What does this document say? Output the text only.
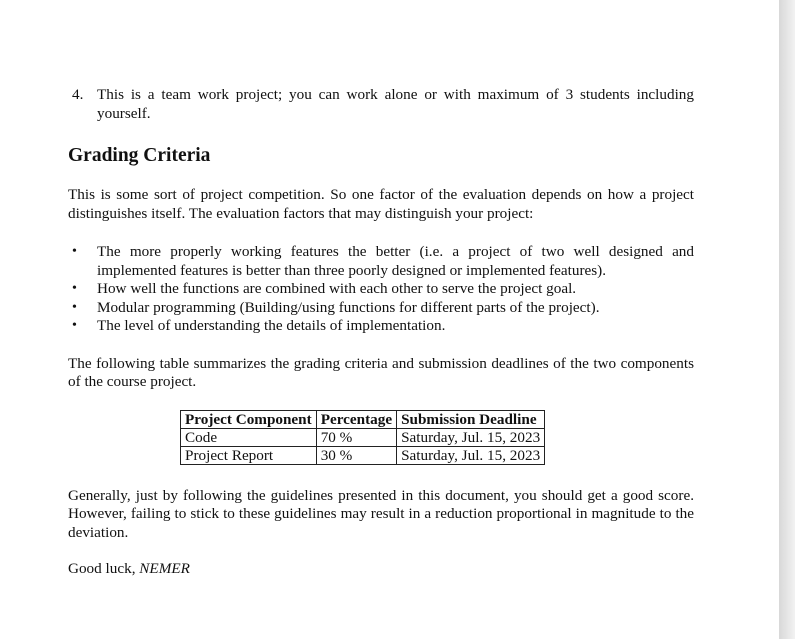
4. This is a team work project; you can work alone or with maximum of 3 students including yourself.
Grading Criteria

This is some sort of project competition. So one factor of the evaluation depends on how a project distinguishes itself. The evaluation factors that may distinguish your project:

•	The more properly working features the better (i.e. a project of two well designed and implemented features is better than three poorly designed or implemented features).
•	How well the functions are combined with each other to serve the project goal.
•	Modular programming (Building/using functions for different parts of the project).
•	The level of understanding the details of implementation.

The following table summarizes the grading criteria and submission deadlines of the two components of the course project.

Project Component	Percentage	Submission Deadline
Code	70 %	Saturday, Jul. 15, 2023
Project Report	30 %	Saturday, Jul. 15, 2023

Generally, just by following the guidelines presented in this document, you should get a good score. However, failing to stick to these guidelines may result in a reduction proportional in magnitude to the deviation.

Good luck, NEMER
